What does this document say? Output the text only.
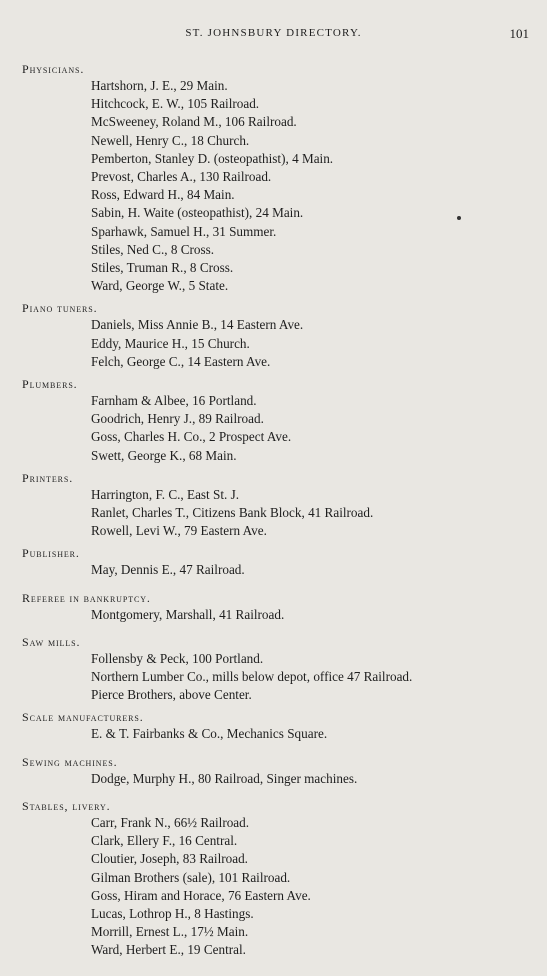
ST. JOHNSBURY DIRECTORY.	101
Physicians.
Hartshorn, J. E., 29 Main.
Hitchcock, E. W., 105 Railroad.
McSweeney, Roland M., 106 Railroad.
Newell, Henry C., 18 Church.
Pemberton, Stanley D. (osteopathist), 4 Main.
Prevost, Charles A., 130 Railroad.
Ross, Edward H., 84 Main.
Sabin, H. Waite (osteopathist), 24 Main.
Sparhawk, Samuel H., 31 Summer.
Stiles, Ned C., 8 Cross.
Stiles, Truman R., 8 Cross.
Ward, George W., 5 State.
Piano tuners.
Daniels, Miss Annie B., 14 Eastern Ave.
Eddy, Maurice H., 15 Church.
Felch, George C., 14 Eastern Ave.
Plumbers.
Farnham & Albee, 16 Portland.
Goodrich, Henry J., 89 Railroad.
Goss, Charles H. Co., 2 Prospect Ave.
Swett, George K., 68 Main.
Printers.
Harrington, F. C., East St. J.
Ranlet, Charles T., Citizens Bank Block, 41 Railroad.
Rowell, Levi W., 79 Eastern Ave.
Publisher.
May, Dennis E., 47 Railroad.
Referee in bankruptcy.
Montgomery, Marshall, 41 Railroad.
Saw mills.
Follensby & Peck, 100 Portland.
Northern Lumber Co., mills below depot, office 47 Railroad.
Pierce Brothers, above Center.
Scale manufacturers.
E. & T. Fairbanks & Co., Mechanics Square.
Sewing machines.
Dodge, Murphy H., 80 Railroad, Singer machines.
Stables, livery.
Carr, Frank N., 66½ Railroad.
Clark, Ellery F., 16 Central.
Cloutier, Joseph, 83 Railroad.
Gilman Brothers (sale), 101 Railroad.
Goss, Hiram and Horace, 76 Eastern Ave.
Lucas, Lothrop H., 8 Hastings.
Morrill, Ernest L., 17½ Main.
Ward, Herbert E., 19 Central.
